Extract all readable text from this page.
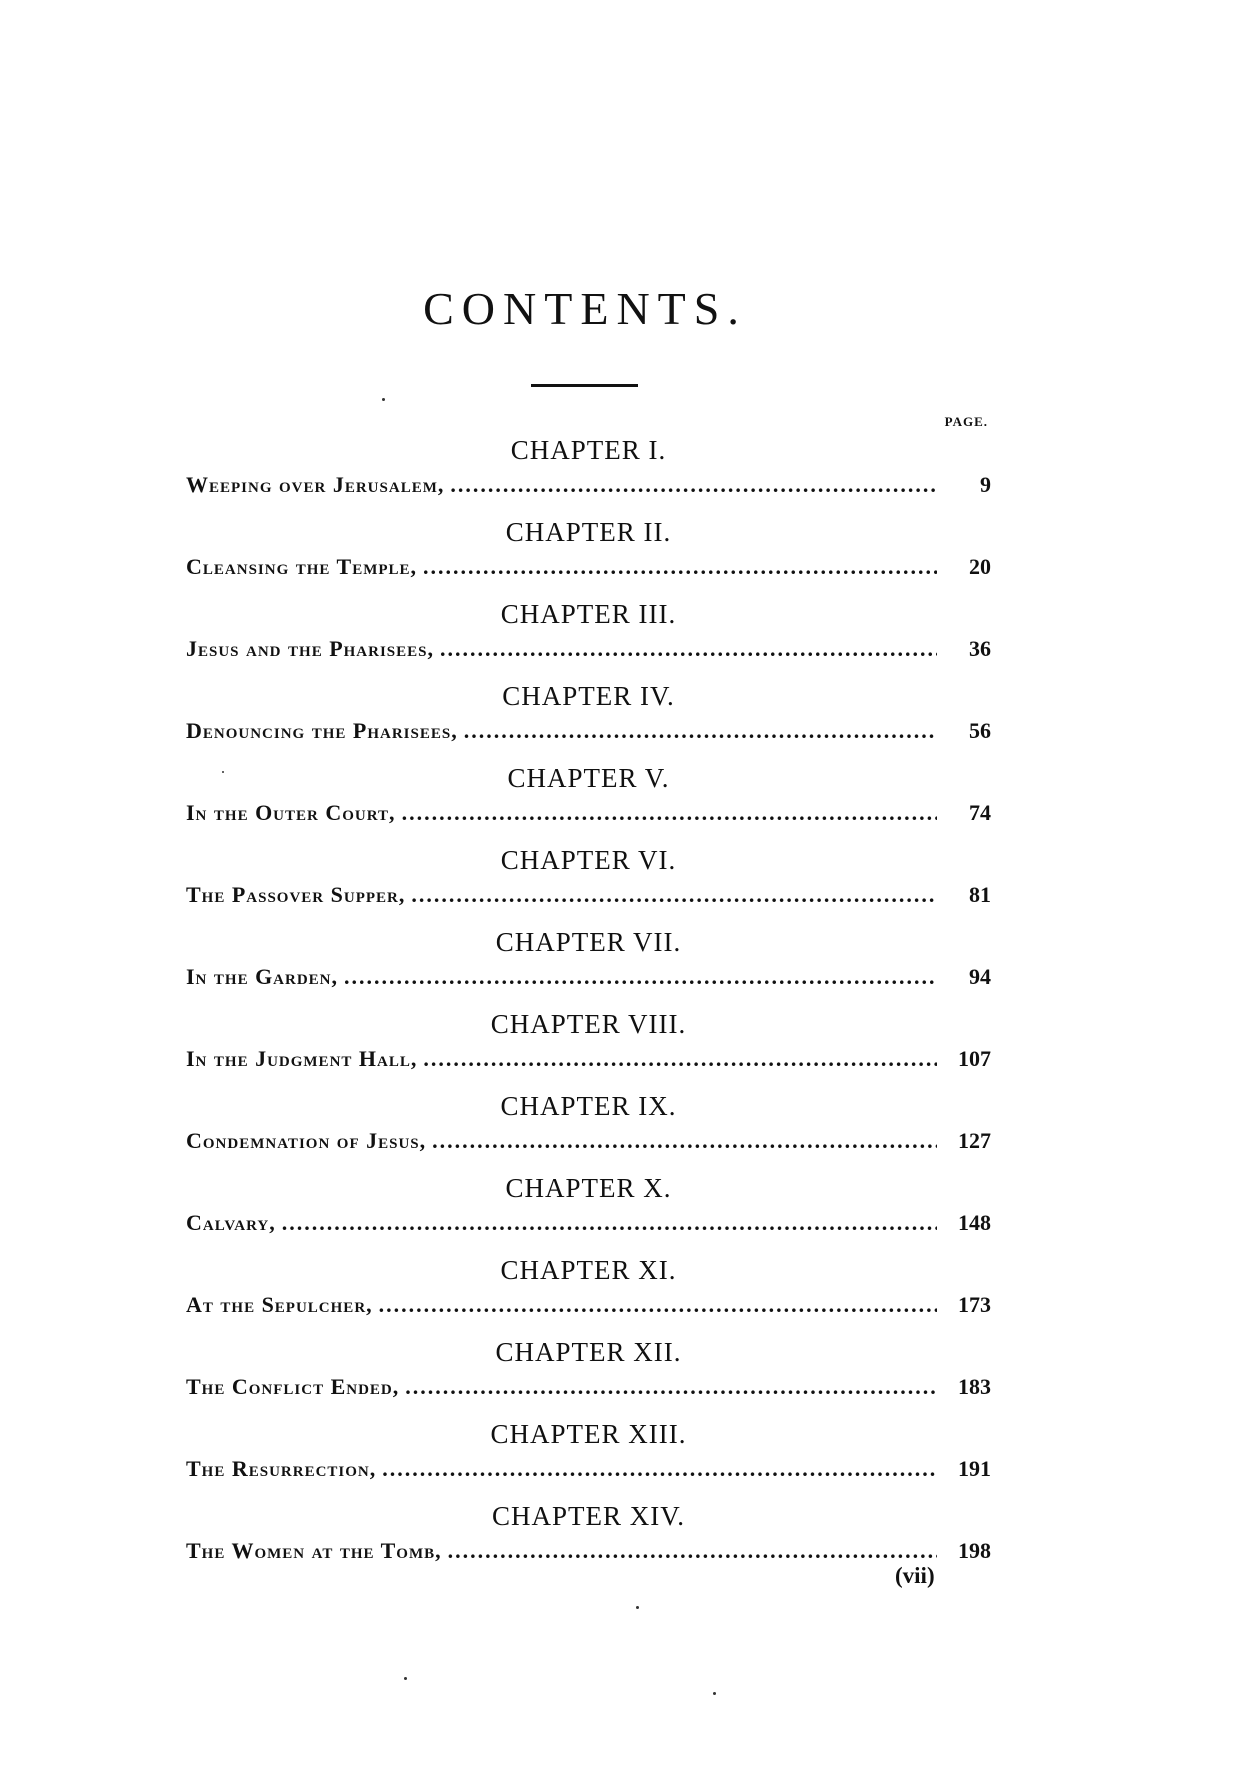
CONTENTS.
PAGE.
CHAPTER I.
Weeping over Jerusalem, .....	9
CHAPTER II.
Cleansing the Temple, .....	20
CHAPTER III.
Jesus and the Pharisees, .....	36
CHAPTER IV.
Denouncing the Pharisees, .....	56
CHAPTER V.
In the Outer Court, .....	74
CHAPTER VI.
The Passover Supper, .....	81
CHAPTER VII.
In the Garden, .....	94
CHAPTER VIII.
In the Judgment Hall, .....	107
CHAPTER IX.
Condemnation of Jesus, .....	127
CHAPTER X.
Calvary, .....	148
CHAPTER XI.
At the Sepulcher, .....	173
CHAPTER XII.
The Conflict Ended, .....	183
CHAPTER XIII.
The Resurrection, .....	191
CHAPTER XIV.
The Women at the Tomb, .....	198
(vii)
